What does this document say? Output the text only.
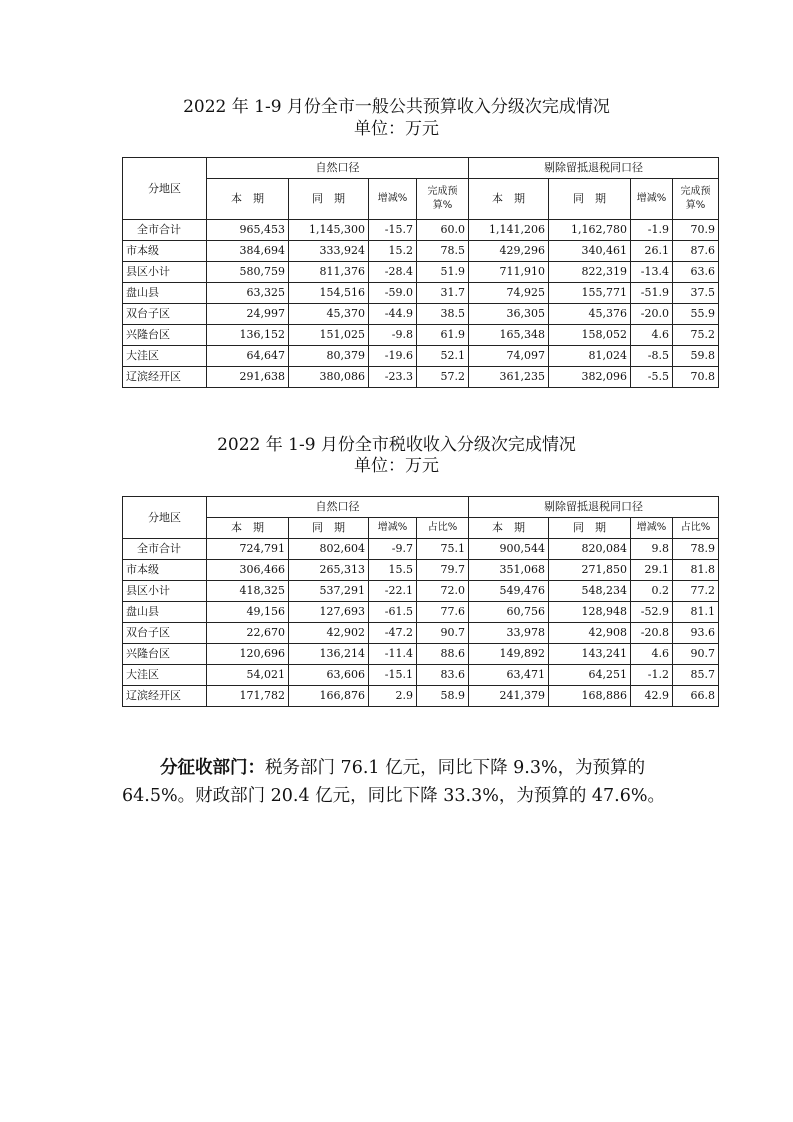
2022 年 1-9 月份全市一般公共预算收入分级次完成情况
单位：万元
分地区	自然口径				剔除留抵退税同口径			
	本　期	同　期	增减%	完成预算%	本　期	同　期	增减%	完成预算%
全市合计	965,453	1,145,300	-15.7	60.0	1,141,206	1,162,780	-1.9	70.9
市本级	384,694	333,924	15.2	78.5	429,296	340,461	26.1	87.6
县区小计	580,759	811,376	-28.4	51.9	711,910	822,319	-13.4	63.6
盘山县	63,325	154,516	-59.0	31.7	74,925	155,771	-51.9	37.5
双台子区	24,997	45,370	-44.9	38.5	36,305	45,376	-20.0	55.9
兴隆台区	136,152	151,025	-9.8	61.9	165,348	158,052	4.6	75.2
大洼区	64,647	80,379	-19.6	52.1	74,097	81,024	-8.5	59.8
辽滨经开区	291,638	380,086	-23.3	57.2	361,235	382,096	-5.5	70.8
2022 年 1-9 月份全市税收收入分级次完成情况
单位：万元
分地区	自然口径				剔除留抵退税同口径			
	本　期	同　期	增减%	占比%	本　期	同　期	增减%	占比%
全市合计	724,791	802,604	-9.7	75.1	900,544	820,084	9.8	78.9
市本级	306,466	265,313	15.5	79.7	351,068	271,850	29.1	81.8
县区小计	418,325	537,291	-22.1	72.0	549,476	548,234	0.2	77.2
盘山县	49,156	127,693	-61.5	77.6	60,756	128,948	-52.9	81.1
双台子区	22,670	42,902	-47.2	90.7	33,978	42,908	-20.8	93.6
兴隆台区	120,696	136,214	-11.4	88.6	149,892	143,241	4.6	90.7
大洼区	54,021	63,606	-15.1	83.6	63,471	64,251	-1.2	85.7
辽滨经开区	171,782	166,876	2.9	58.9	241,379	168,886	42.9	66.8
分征收部门：税务部门 76.1 亿元，同比下降 9.3%，为预算的 64.5%。财政部门 20.4 亿元，同比下降 33.3%，为预算的 47.6%。
